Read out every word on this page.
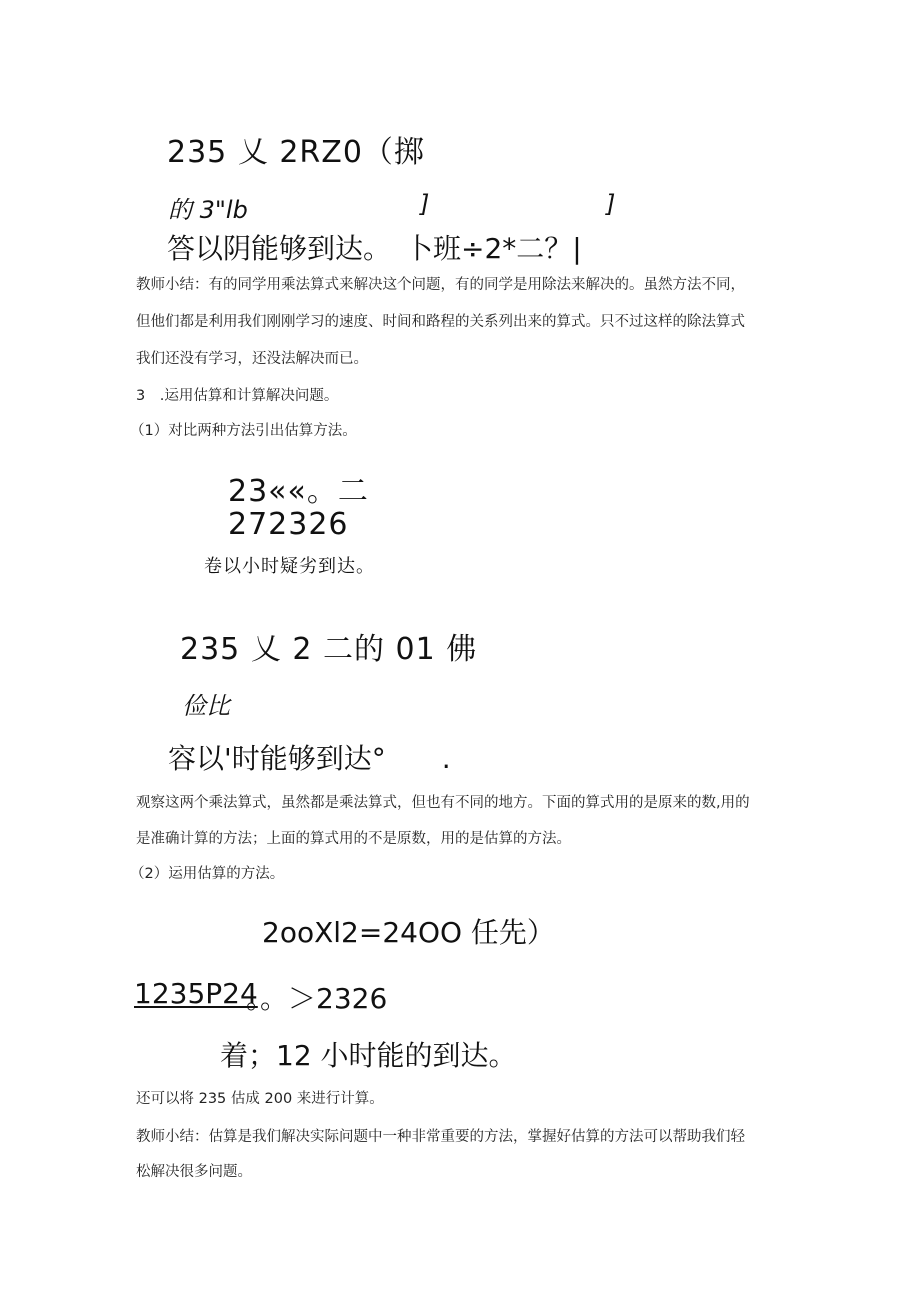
235 乂 2RZ0（掷

的 3"lb	]	]

答以阴能够到达。　卜班÷2*二？|

教师小结：有的同学用乘法算式来解决这个问题，有的同学是用除法来解决的。虽然方法不同，

但他们都是利用我们刚刚学习的速度、时间和路程的关系列出来的算式。只不过这样的除法算式

我们还没有学习，还没法解决而已。

3　.运用估算和计算解决问题。

（1）对比两种方法引出估算方法。

23««。二

272326

卷以小时疑劣到达。

235 乂 2 二的 01 佛

俭比

容以'时能够到达°　　.

观察这两个乘法算式，虽然都是乘法算式，但也有不同的地方。下面的算式用的是原来的数,用的

是准确计算的方法；上面的算式用的不是原数，用的是估算的方法。

（2）运用估算的方法。

2ooXl2=24OO 任先）

1235P24

。。＞2326

着；12 小时能的到达。

还可以将 235 估成 200 来进行计算。

教师小结：估算是我们解决实际问题中一种非常重要的方法，掌握好估算的方法可以帮助我们轻

松解决很多问题。
